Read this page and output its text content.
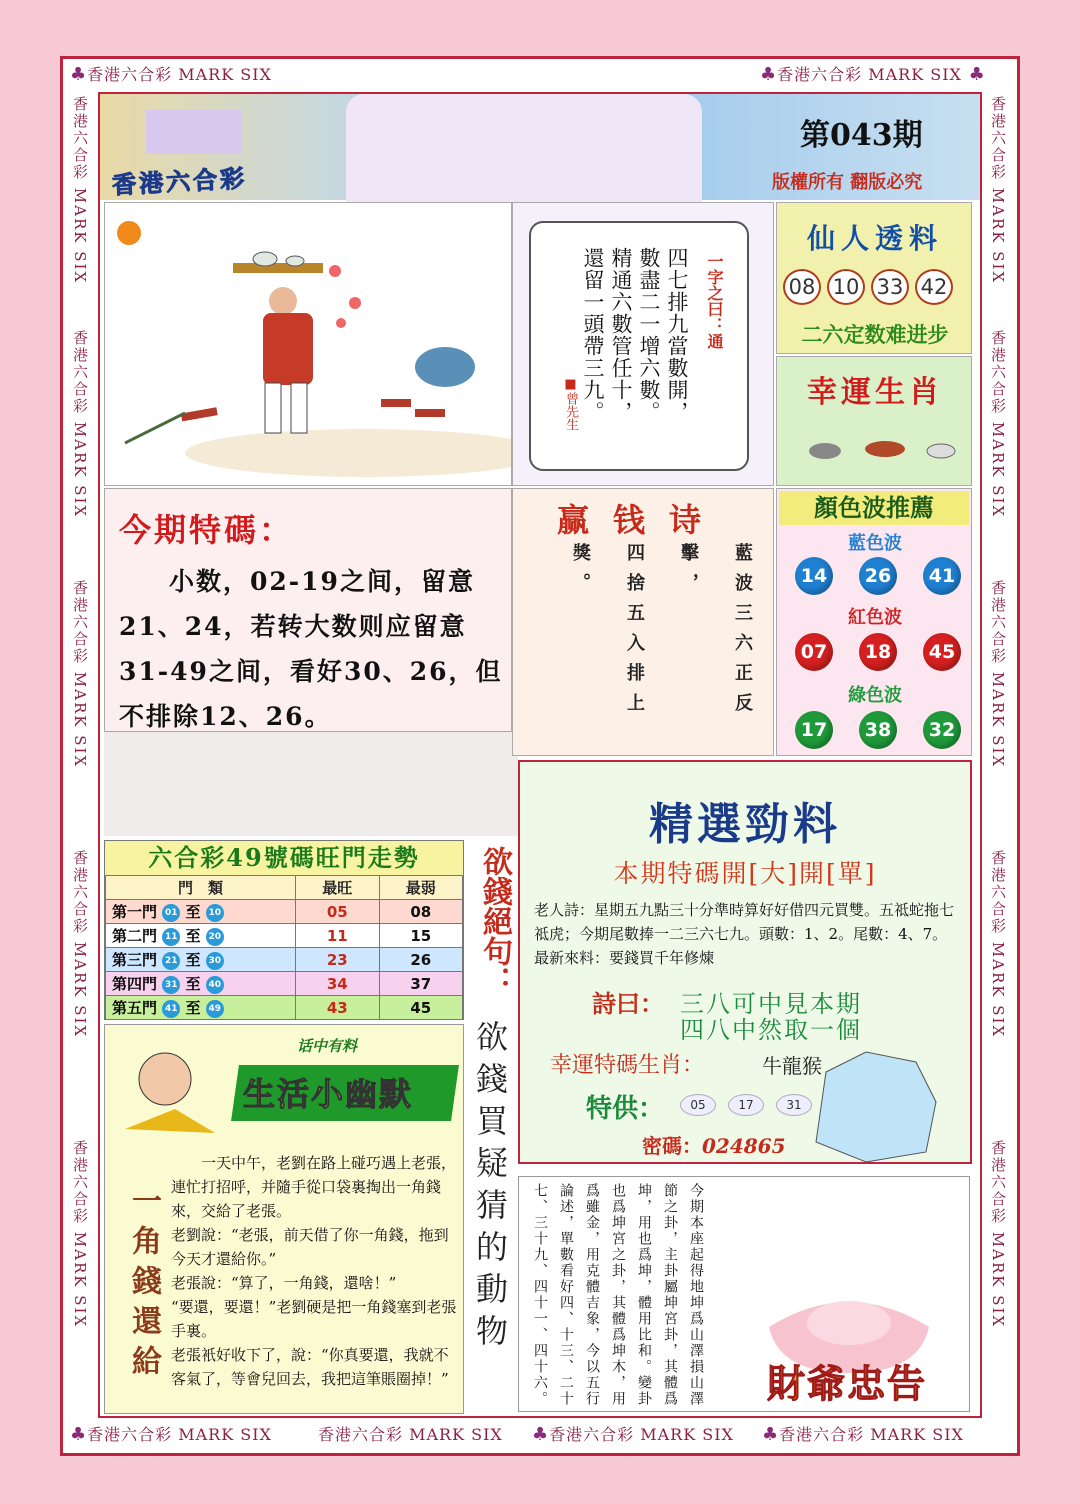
♣香港六合彩 MARK SIX	♣香港六合彩 MARK SIX ♣
♣香港六合彩 MARK SIX	香港六合彩 MARK SIX ♣香港六合彩 MARK SIX ♣香港六合彩 MARK SIX
香港六合彩 MARK SIX
香港六合彩 MARK SIX
香港六合彩 MARK SIX
香港六合彩 MARK SIX
香港六合彩 MARK SIX
香港六合彩 MARK SIX
香港六合彩 MARK SIX
香港六合彩 MARK SIX
香港六合彩 MARK SIX
香港六合彩 MARK SIX
香港六合彩
第043期
版權所有 翻版必究
一字之曰：通
■曾先生	四七排九當數開，
數盡二一增六數。
精通六數管任十，
還留一頭帶三九。
仙人透料
08 10 33 42
二六定数难进步
幸運生肖
今期特碼：
小数，02-19之间，留意21、24，若转大数则应留意31-49之间，看好30、26，但不排除12、26。
赢 钱 诗

藍波三六正反擊，
四捨五入排上獎。
顏色波推薦
藍色波
14	26	41
紅色波
07	18	45
綠色波
17	38	32
六合彩49號碼旺門走勢
門　類	最旺	最弱
第一門 01 至 10	05	08
第二門 11 至 20	11	15
第三門 21 至 30	23	26
第四門 31 至 40	34	37
第五門 41 至 49	43	45
欲錢絕句：
欲錢買疑猜的動物
精選勁料
本期特碼開[大]開[單]
老人詩：星期五九點三十分準時算好好借四元買雙。五祗蛇拖七祗虎；今期尾數捧一二三六七九。頭數：1、2。尾數：4、7。最新來料：要錢買千年修煉
詩曰： 三八可中見本期
四八中然取一個
幸運特碼生肖：	牛龍猴
特供：	05	17	31
密碼：024865
话中有料
生活小幽默
一角錢還給

一天中午，老劉在路上碰巧遇上老張，連忙打招呼，并隨手從口袋裏掏出一角錢來，交給了老張。

老劉說：“老張，前天借了你一角錢，拖到今天才還給你。”

老張說：“算了，一角錢，還啥！”

“要還，要還！”老劉硬是把一角錢塞到老張手裏。

老張衹好收下了，說：“你真要還，我就不客氣了，等會兒回去，我把這筆賬圈掉！”	今期本座起得地坤爲山澤損山澤節之卦，主卦屬坤宮卦，其體爲坤，用也爲坤，體用比和。變卦也爲坤宮之卦，其體爲坤木，用爲雖金，用克體吉象，今以五行論述，單數看好四、十三、二十七、三十九、四十一、四十六。	財爺忠告
